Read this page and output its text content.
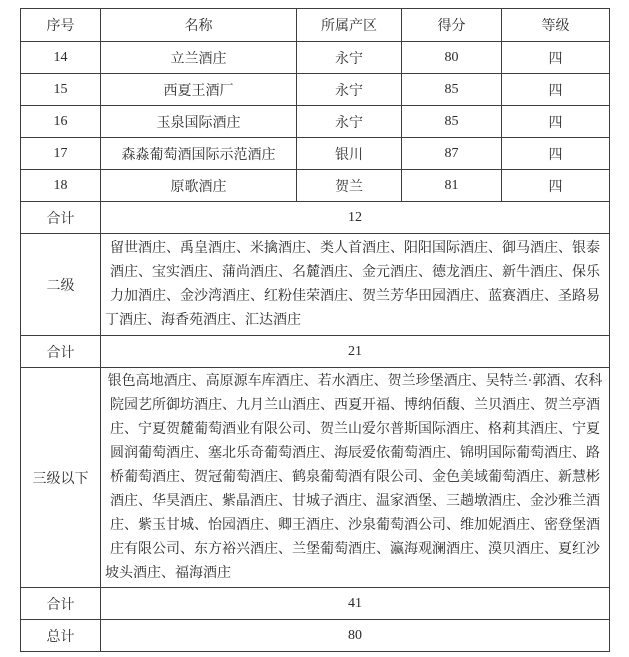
序号	名称	所属产区	得分	等级
14	立兰酒庄	永宁	80	四
15	西夏王酒厂	永宁	85	四
16	玉泉国际酒庄	永宁	85	四
17	森淼葡萄酒国际示范酒庄	银川	87	四
18	原歌酒庄	贺兰	81	四
合计	12			
二级	留世酒庄、禹皇酒庄、米擒酒庄、类人首酒庄、阳阳国际酒庄、御马酒庄、银泰酒庄、宝实酒庄、蒲尚酒庄、名麓酒庄、金元酒庄、德龙酒庄、新牛酒庄、保乐力加酒庄、金沙湾酒庄、红粉佳荣酒庄、贺兰芳华田园酒庄、蓝赛酒庄、圣路易丁酒庄、海香苑酒庄、汇达酒庄			
合计	21			
三级以下	银色高地酒庄、高原源车库酒庄、若水酒庄、贺兰珍堡酒庄、吴特兰·郭酒、农科院园艺所御坊酒庄、九月兰山酒庄、西夏开福、博纳佰馥、兰贝酒庄、贺兰亭酒庄、宁夏贺麓葡萄酒业有限公司、贺兰山爱尔普斯国际酒庄、格莉其酒庄、宁夏圆润葡萄酒庄、塞北乐奇葡萄酒庄、海辰爱依葡萄酒庄、锦明国际葡萄酒庄、路桥葡萄酒庄、贺冠葡萄酒庄、鹤泉葡萄酒有限公司、金色美域葡萄酒庄、新慧彬酒庄、华昊酒庄、紫晶酒庄、甘城子酒庄、温家酒堡、三趟墩酒庄、金沙雅兰酒庄、紫玉甘城、怡园酒庄、卿王酒庄、沙泉葡萄酒公司、维加妮酒庄、密登堡酒庄有限公司、东方裕兴酒庄、兰堡葡萄酒庄、瀛海观澜酒庄、漠贝酒庄、夏红沙坡头酒庄、福海酒庄			
合计	41			
总计	80			
